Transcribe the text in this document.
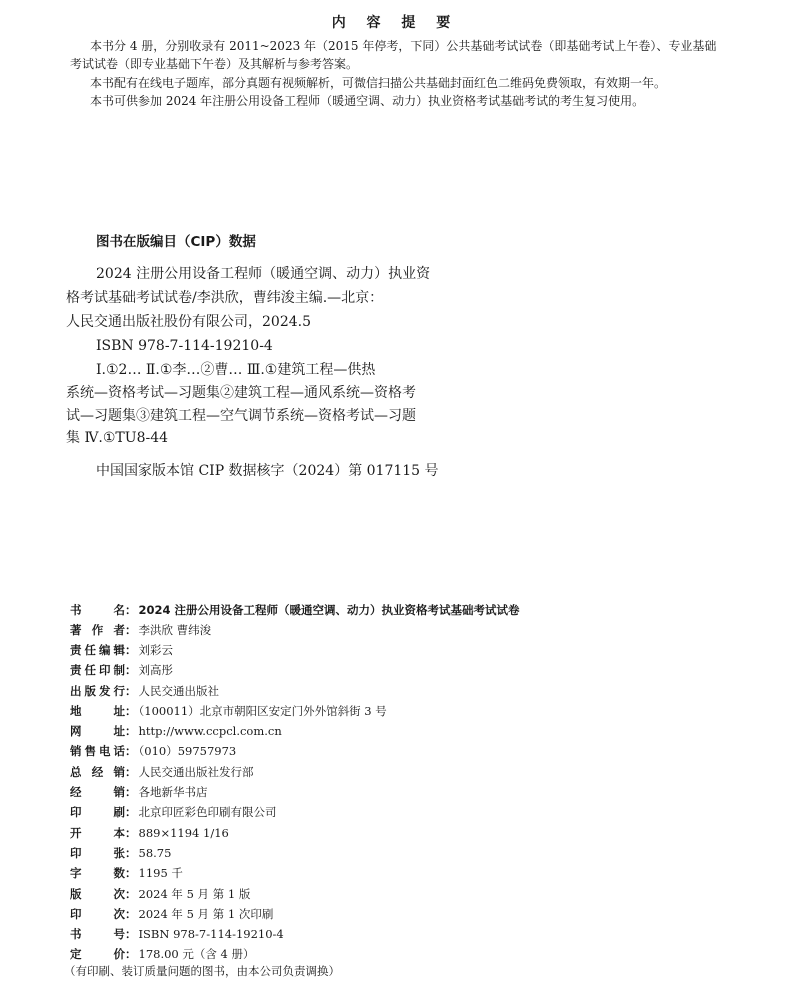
内 容 提 要
本书分 4 册，分别收录有 2011~2023 年（2015 年停考，下同）公共基础考试试卷（即基础考试上午卷）、专业基础
考试试卷（即专业基础下午卷）及其解析与参考答案。
本书配有在线电子题库，部分真题有视频解析，可微信扫描公共基础封面红色二维码免费领取，有效期一年。
本书可供参加 2024 年注册公用设备工程师（暖通空调、动力）执业资格考试基础考试的考生复习使用。
图书在版编目（CIP）数据
2024 注册公用设备工程师（暖通空调、动力）执业资
格考试基础考试试卷/李洪欣，曹纬浚主编.—北京：
人民交通出版社股份有限公司，2024.5
ISBN 978-7-114-19210-4
Ⅰ.①2… Ⅱ.①李…②曹… Ⅲ.①建筑工程—供热
系统—资格考试—习题集②建筑工程—通风系统—资格考
试—习题集③建筑工程—空气调节系统—资格考试—习题
集 Ⅳ.①TU8-44
中国国家版本馆 CIP 数据核字（2024）第 017115 号
书名： 2024 注册公用设备工程师（暖通空调、动力）执业资格考试基础考试试卷
著作者： 李洪欣 曹纬浚
责任编辑： 刘彩云
责任印制： 刘高彤
出版发行： 人民交通出版社
地址： （100011）北京市朝阳区安定门外外馆斜街 3 号
网址： http://www.ccpcl.com.cn
销售电话： （010）59757973
总经销： 人民交通出版社发行部
经销： 各地新华书店
印刷： 北京印匠彩色印刷有限公司
开本： 889×1194 1/16
印张： 58.75
字数： 1195 千
版次： 2024 年 5 月 第 1 版
印次： 2024 年 5 月 第 1 次印刷
书号： ISBN 978-7-114-19210-4
定价： 178.00 元（含 4 册）
（有印刷、装订质量问题的图书，由本公司负责调换）
